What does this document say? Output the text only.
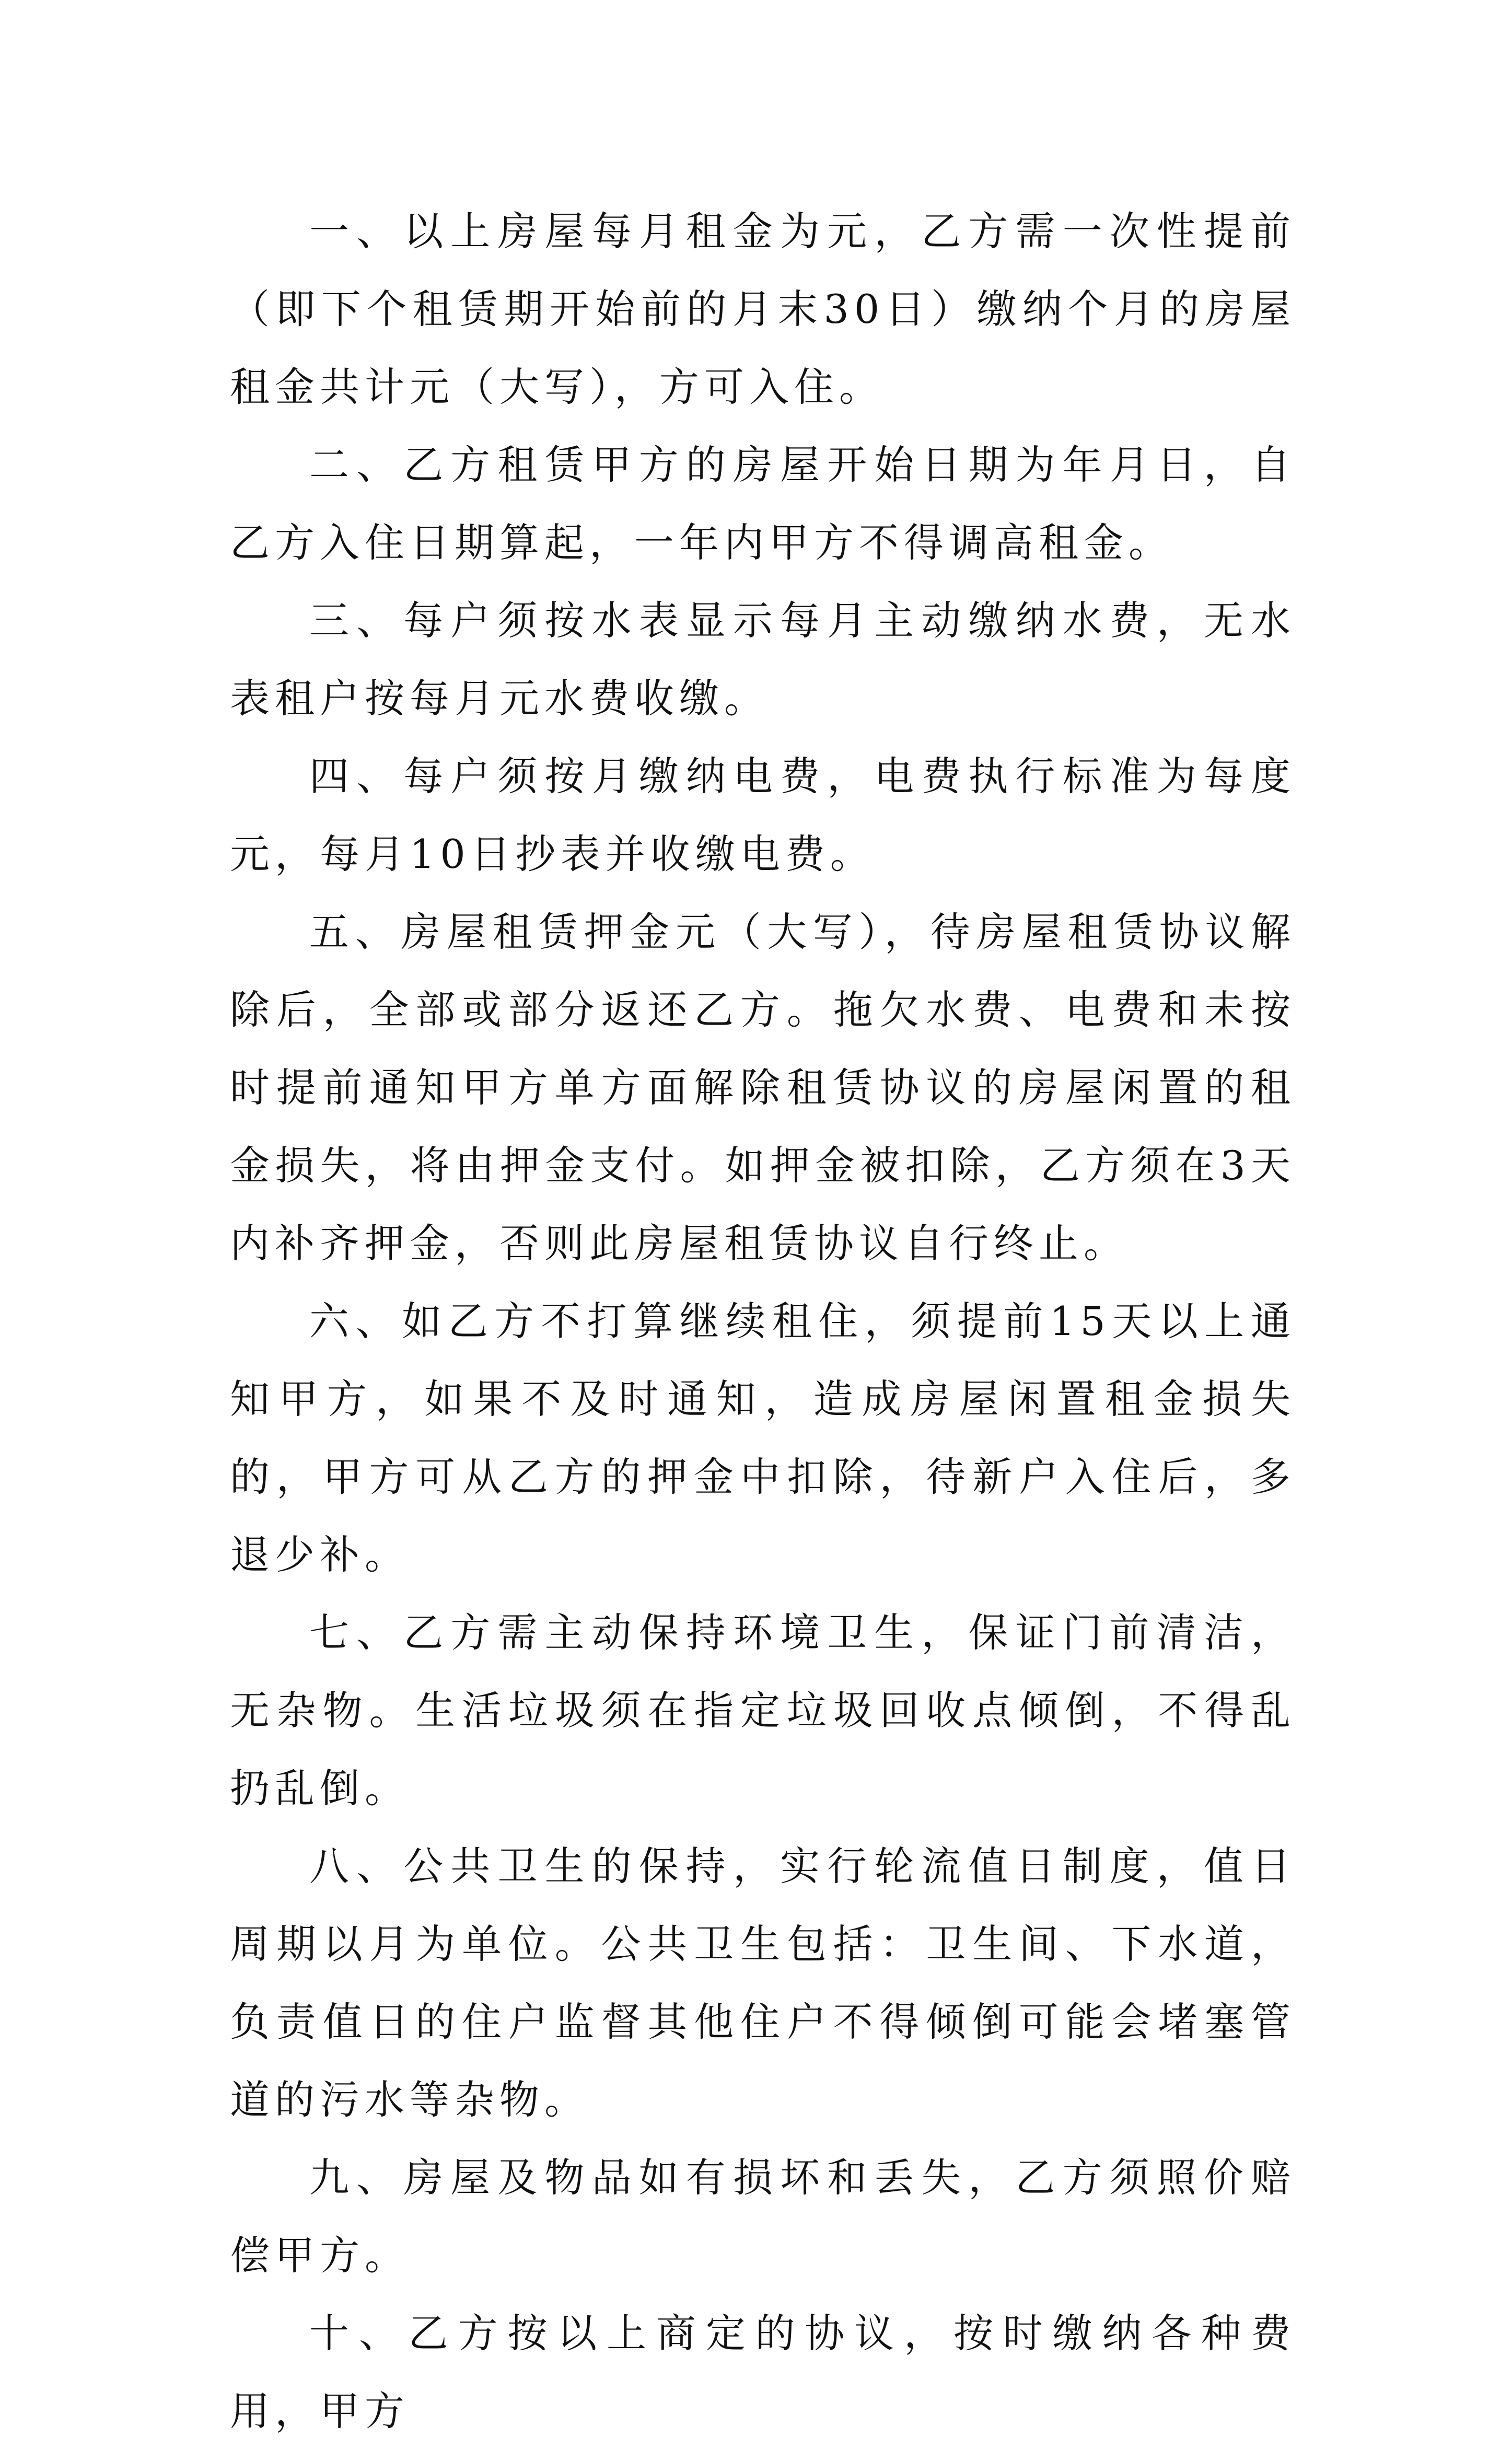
一、以上房屋每月租金为元，乙方需一次性提前（即下个租赁期开始前的月末30日）缴纳个月的房屋租金共计元（大写），方可入住。

二、乙方租赁甲方的房屋开始日期为年月日，自乙方入住日期算起，一年内甲方不得调高租金。

三、每户须按水表显示每月主动缴纳水费，无水表租户按每月元水费收缴。

四、每户须按月缴纳电费，电费执行标准为每度元，每月10日抄表并收缴电费。

五、房屋租赁押金元（大写），待房屋租赁协议解除后，全部或部分返还乙方。拖欠水费、电费和未按时提前通知甲方单方面解除租赁协议的房屋闲置的租金损失，将由押金支付。如押金被扣除，乙方须在3天内补齐押金，否则此房屋租赁协议自行终止。

六、如乙方不打算继续租住，须提前15天以上通知甲方，如果不及时通知，造成房屋闲置租金损失的，甲方可从乙方的押金中扣除，待新户入住后，多退少补。

七、乙方需主动保持环境卫生，保证门前清洁，无杂物。生活垃圾须在指定垃圾回收点倾倒，不得乱扔乱倒。

八、公共卫生的保持，实行轮流值日制度，值日周期以月为单位。公共卫生包括：卫生间、下水道，负责值日的住户监督其他住户不得倾倒可能会堵塞管道的污水等杂物。

九、房屋及物品如有损坏和丢失，乙方须照价赔偿甲方。

十、乙方按以上商定的协议，按时缴纳各种费用，甲方
